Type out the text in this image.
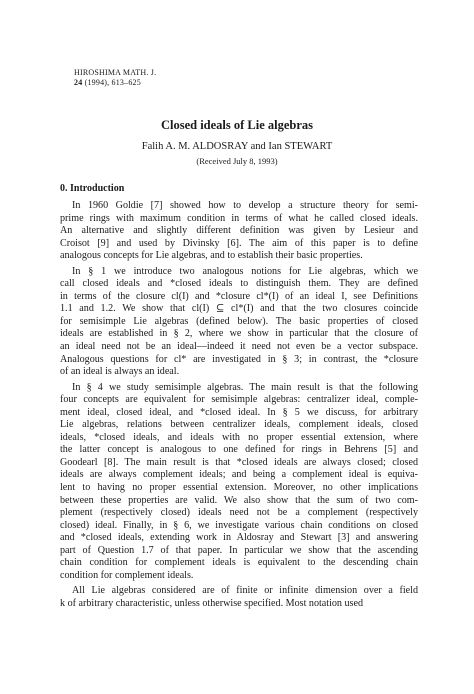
HIROSHIMA MATH. J.
24 (1994), 613–625
Closed ideals of Lie algebras
Falih A. M. ALDOSRAY and Ian STEWART
(Received July 8, 1993)
0. Introduction
In 1960 Goldie [7] showed how to develop a structure theory for semi-
prime rings with maximum condition in terms of what he called closed ideals.
An alternative and slightly different definition was given by Lesieur and
Croisot [9] and used by Divinsky [6]. The aim of this paper is to define
analogous concepts for Lie algebras, and to establish their basic properties.
In § 1 we introduce two analogous notions for Lie algebras, which we
call closed ideals and *closed ideals to distinguish them. They are defined
in terms of the closure cl(I) and *closure cl*(I) of an ideal I, see Definitions
1.1 and 1.2. We show that cl(I) ⊆ cl*(I) and that the two closures coincide
for semisimple Lie algebras (defined below). The basic properties of closed
ideals are established in § 2, where we show in particular that the closure of
an ideal need not be an ideal—indeed it need not even be a vector subspace.
Analogous questions for cl* are investigated in § 3; in contrast, the *closure
of an ideal is always an ideal.
In § 4 we study semisimple algebras. The main result is that the following
four concepts are equivalent for semisimple algebras: centralizer ideal, comple-
ment ideal, closed ideal, and *closed ideal. In § 5 we discuss, for arbitrary
Lie algebras, relations between centralizer ideals, complement ideals, closed
ideals, *closed ideals, and ideals with no proper essential extension, where
the latter concept is analogous to one defined for rings in Behrens [5] and
Goodearl [8]. The main result is that *closed ideals are always closed; closed
ideals are always complement ideals; and being a complement ideal is equiva-
lent to having no proper essential extension. Moreover, no other implications
between these properties are valid. We also show that the sum of two com-
plement (respectively closed) ideals need not be a complement (respectively
closed) ideal. Finally, in § 6, we investigate various chain conditions on closed
and *closed ideals, extending work in Aldosray and Stewart [3] and answering
part of Question 1.7 of that paper. In particular we show that the ascending
chain condition for complement ideals is equivalent to the descending chain
condition for complement ideals.
All Lie algebras considered are of finite or infinite dimension over a field
k of arbitrary characteristic, unless otherwise specified. Most notation used
